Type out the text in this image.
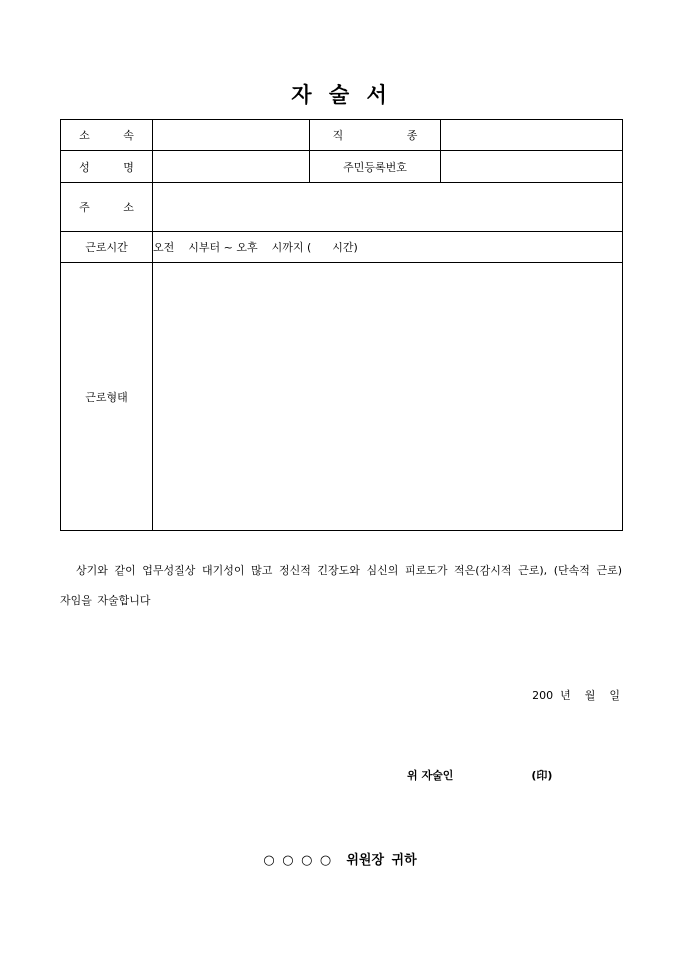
자 술 서
소 속		직 종	
성 명		주민등록번호	
주 소			
근로시간	오전    시부터 ~ 오후    시까지 (      시간)		
근로형태			

상기와 같이 업무성질상 대기성이 많고 정신적 긴장도와 심신의 피로도가 적은(감시적 근로), (단속적 근로) 자임을 자술합니다

200  년    월    일
위 자술인	(印)
○ ○ ○ ○  위원장 귀하
